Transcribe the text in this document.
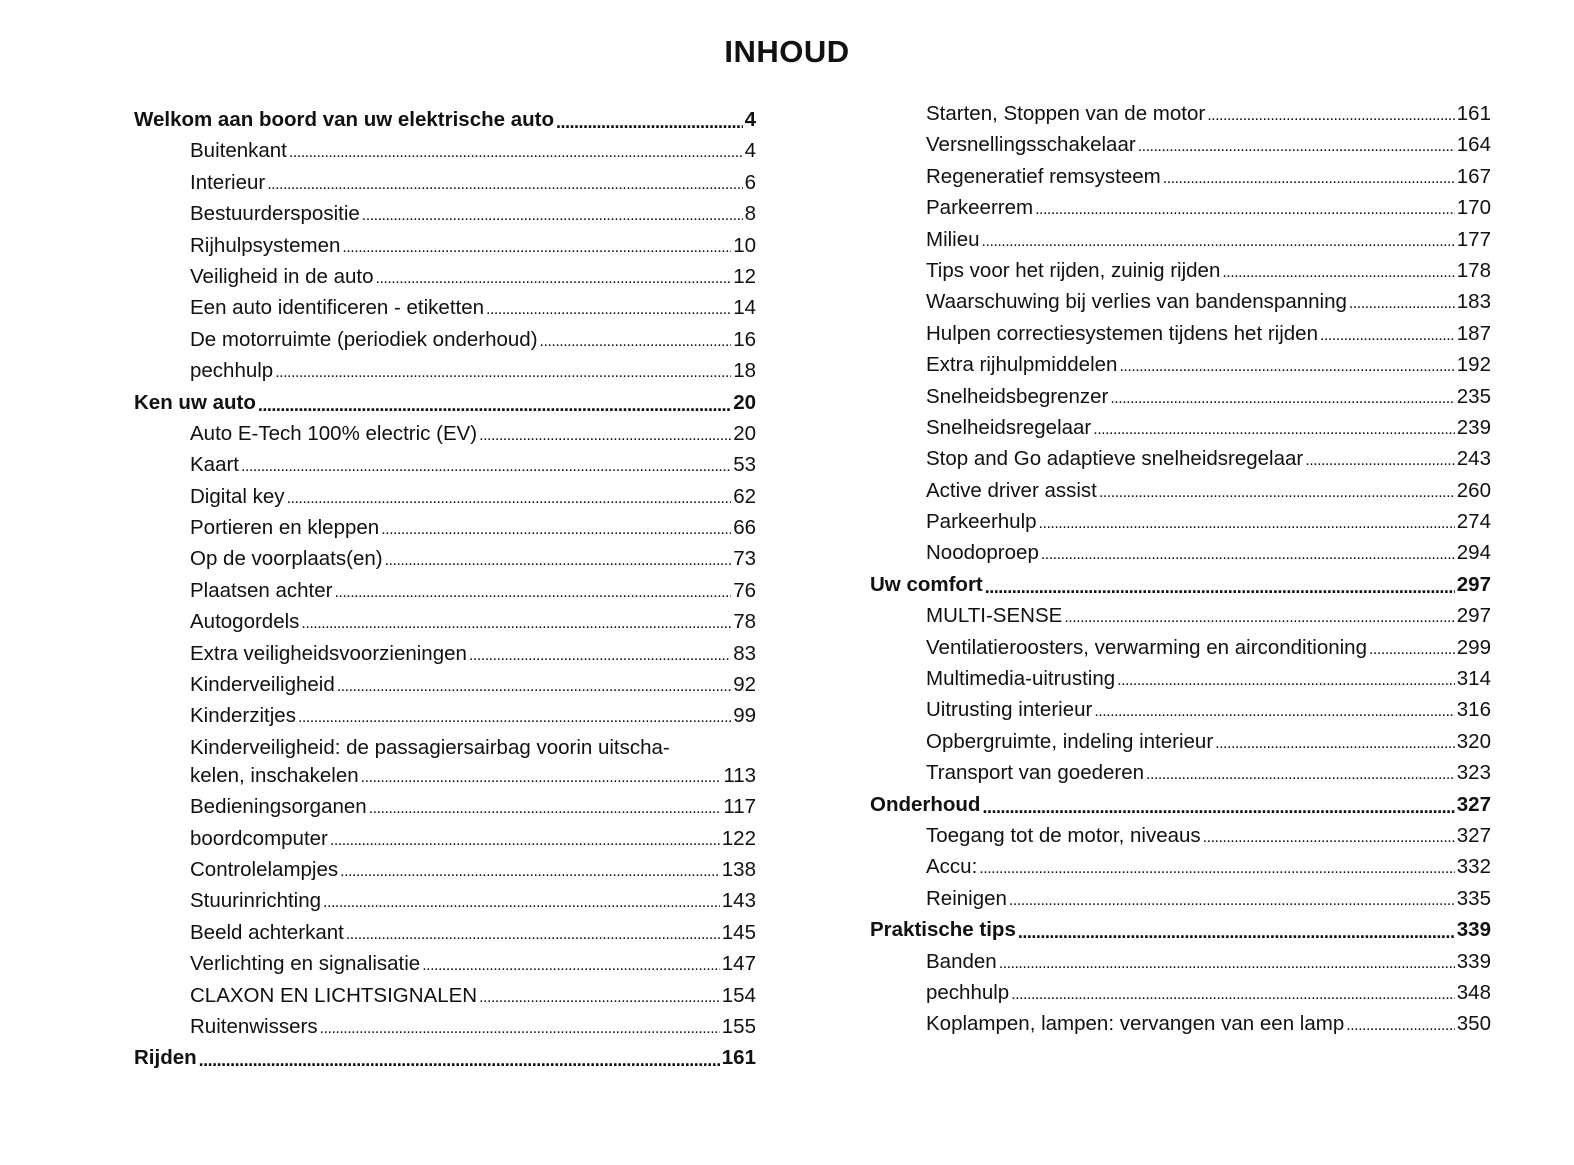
INHOUD
Welkom aan boord van uw elektrische auto .....	4
Buitenkant .....	4
Interieur .....	6
Bestuurderspositie .....	8
Rijhulpsystemen .....	10
Veiligheid in de auto .....	12
Een auto identificeren - etiketten .....	14
De motorruimte (periodiek onderhoud) .....	16
pechhulp .....	18
Ken uw auto .....	20
Auto E-Tech 100% electric (EV) .....	20
Kaart .....	53
Digital key .....	62
Portieren en kleppen .....	66
Op de voorplaats(en) .....	73
Plaatsen achter .....	76
Autogordels .....	78
Extra veiligheidsvoorzieningen .....	83
Kinderveiligheid .....	92
Kinderzitjes .....	99
Kinderveiligheid: de passagiersairbag voorin uitscha-
kelen, inschakelen .....	113
Bedieningsorganen .....	117
boordcomputer .....	122
Controlelampjes .....	138
Stuurinrichting .....	143
Beeld achterkant .....	145
Verlichting en signalisatie .....	147
CLAXON EN LICHTSIGNALEN .....	154
Ruitenwissers .....	155
Rijden .....	161
Starten, Stoppen van de motor .....	161
Versnellingsschakelaar .....	164
Regeneratief remsysteem .....	167
Parkeerrem .....	170
Milieu .....	177
Tips voor het rijden, zuinig rijden .....	178
Waarschuwing bij verlies van bandenspanning .....	183
Hulpen correctiesystemen tijdens het rijden .....	187
Extra rijhulpmiddelen .....	192
Snelheidsbegrenzer .....	235
Snelheidsregelaar .....	239
Stop and Go adaptieve snelheidsregelaar .....	243
Active driver assist .....	260
Parkeerhulp .....	274
Noodoproep .....	294
Uw comfort .....	297
MULTI-SENSE .....	297
Ventilatieroosters, verwarming en airconditioning .....	299
Multimedia-uitrusting .....	314
Uitrusting interieur .....	316
Opbergruimte, indeling interieur .....	320
Transport van goederen .....	323
Onderhoud .....	327
Toegang tot de motor, niveaus .....	327
Accu: .....	332
Reinigen .....	335
Praktische tips .....	339
Banden .....	339
pechhulp .....	348
Koplampen, lampen: vervangen van een lamp .....	350
